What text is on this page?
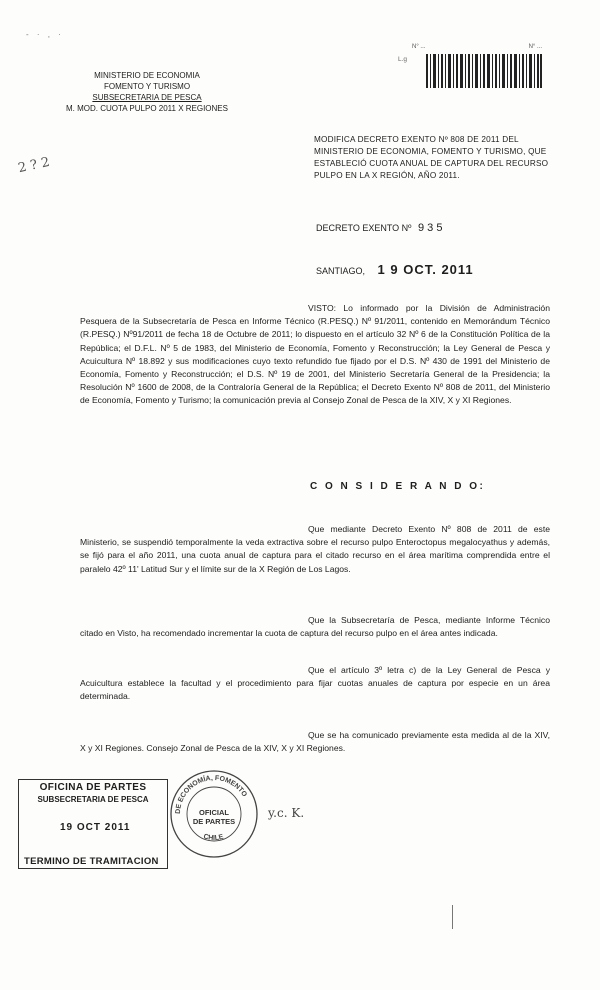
- · , ·
2 ? 2
N° ...	N° ...
L.g
MINISTERIO DE ECONOMIA
FOMENTO Y TURISMO
SUBSECRETARIA DE PESCA
M. MOD. CUOTA PULPO 2011 X REGIONES
MODIFICA DECRETO EXENTO Nº 808 DE 2011 DEL MINISTERIO DE ECONOMIA, FOMENTO Y TURISMO, QUE ESTABLECIÓ CUOTA ANUAL DE CAPTURA DEL RECURSO PULPO EN LA X REGIÓN, AÑO 2011.
DECRETO EXENTO Nº 9 3 5
SANTIAGO, 1 9 OCT. 2011
VISTO: Lo informado por la División de Administración Pesquera de la Subsecretaría de Pesca en Informe Técnico (R.PESQ.) Nº 91/2011, contenido en Memorándum Técnico (R.PESQ.) Nº91/2011 de fecha 18 de Octubre de 2011; lo dispuesto en el artículo 32 Nº 6 de la Constitución Política de la República; el D.F.L. Nº 5 de 1983, del Ministerio de Economía, Fomento y Reconstrucción; la Ley General de Pesca y Acuicultura Nº 18.892 y sus modificaciones cuyo texto refundido fue fijado por el D.S. Nº 430 de 1991 del Ministerio de Economía, Fomento y Reconstrucción; el D.S. Nº 19 de 2001, del Ministerio Secretaría General de la Presidencia; la Resolución Nº 1600 de 2008, de la Contraloría General de la República; el Decreto Exento Nº 808 de 2011, del Ministerio de Economía, Fomento y Turismo; la comunicación previa al Consejo Zonal de Pesca de la XIV, X y XI Regiones.
C O N S I D E R A N D O:
Que mediante Decreto Exento Nº 808 de 2011 de este Ministerio, se suspendió temporalmente la veda extractiva sobre el recurso pulpo Enteroctopus megalocyathus y además, se fijó para el año 2011, una cuota anual de captura para el citado recurso en el área marítima comprendida entre el paralelo 42º 11' Latitud Sur y el límite sur de la X Región de Los Lagos.
Que la Subsecretaría de Pesca, mediante Informe Técnico citado en Visto, ha recomendado incrementar la cuota de captura del recurso pulpo en el área antes indicada.
Que el artículo 3º letra c) de la Ley General de Pesca y Acuicultura establece la facultad y el procedimiento para fijar cuotas anuales de captura por especie en un área determinada.
Que se ha comunicado previamente esta medida al de la XIV, X y XI Regiones. Consejo Zonal de Pesca de la XIV, X y XI Regiones.
OFICINA DE PARTES
SUBSECRETARIA DE PESCA
19 OCT 2011
TERMINO DE TRAMITACION
DE ECONOMÍA, FOMENTO
CHILE
OFICIAL
DE PARTES
y.c. K.
